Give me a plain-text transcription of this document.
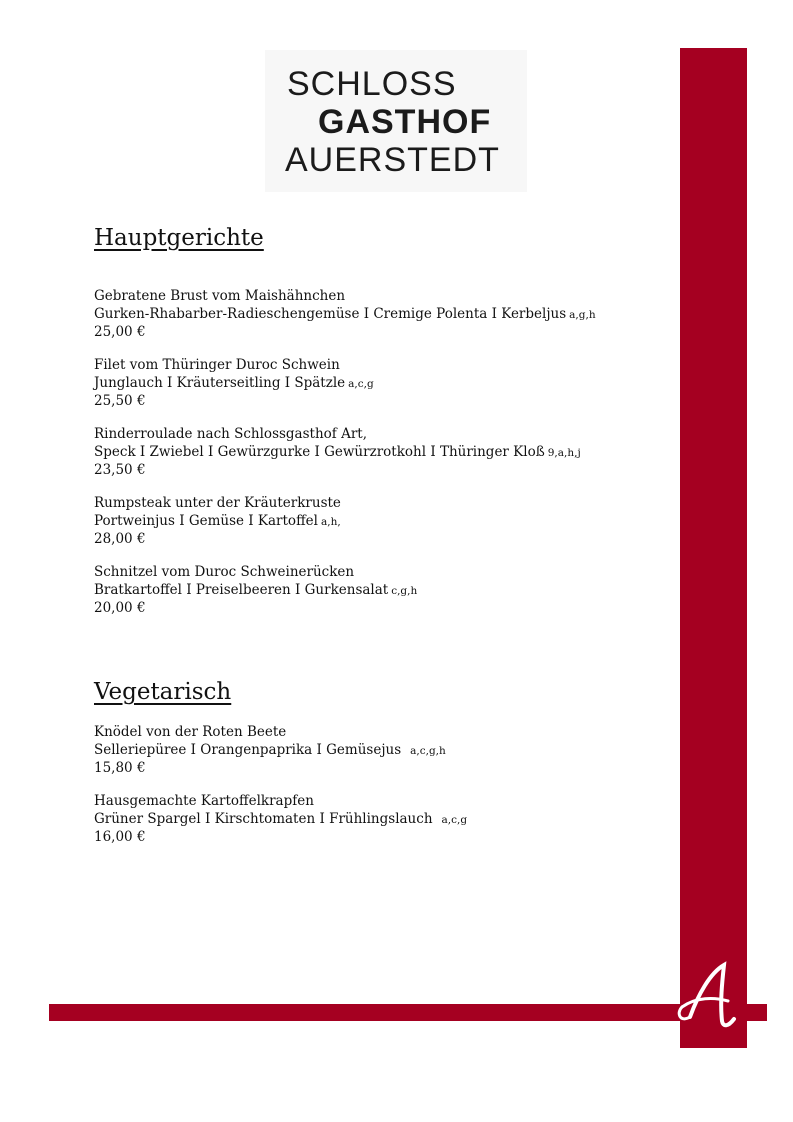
SCHLOSS
GASTHOF
AUERSTEDT
Hauptgerichte
Gebratene Brust vom Maishähnchen
Gurken-Rhabarber-Radieschengemüse I Cremige Polenta I Kerbeljus a,g,h
25,00 €
Filet vom Thüringer Duroc Schwein
Junglauch I Kräuterseitling I Spätzle a,c,g
25,50 €
Rinderroulade nach Schlossgasthof Art,
Speck I Zwiebel I Gewürzgurke I Gewürzrotkohl I Thüringer Kloß 9,a,h,j
23,50 €
Rumpsteak unter der Kräuterkruste
Portweinjus I Gemüse I Kartoffel a,h,
28,00 €
Schnitzel vom Duroc Schweinerücken
Bratkartoffel I Preiselbeeren I Gurkensalat c,g,h
20,00 €
Vegetarisch
Knödel von der Roten Beete
Selleriepüree I Orangenpaprika I Gemüsejus a,c,g,h
15,80 €
Hausgemachte Kartoffelkrapfen
Grüner Spargel I Kirschtomaten I Frühlingslauch a,c,g
16,00 €
